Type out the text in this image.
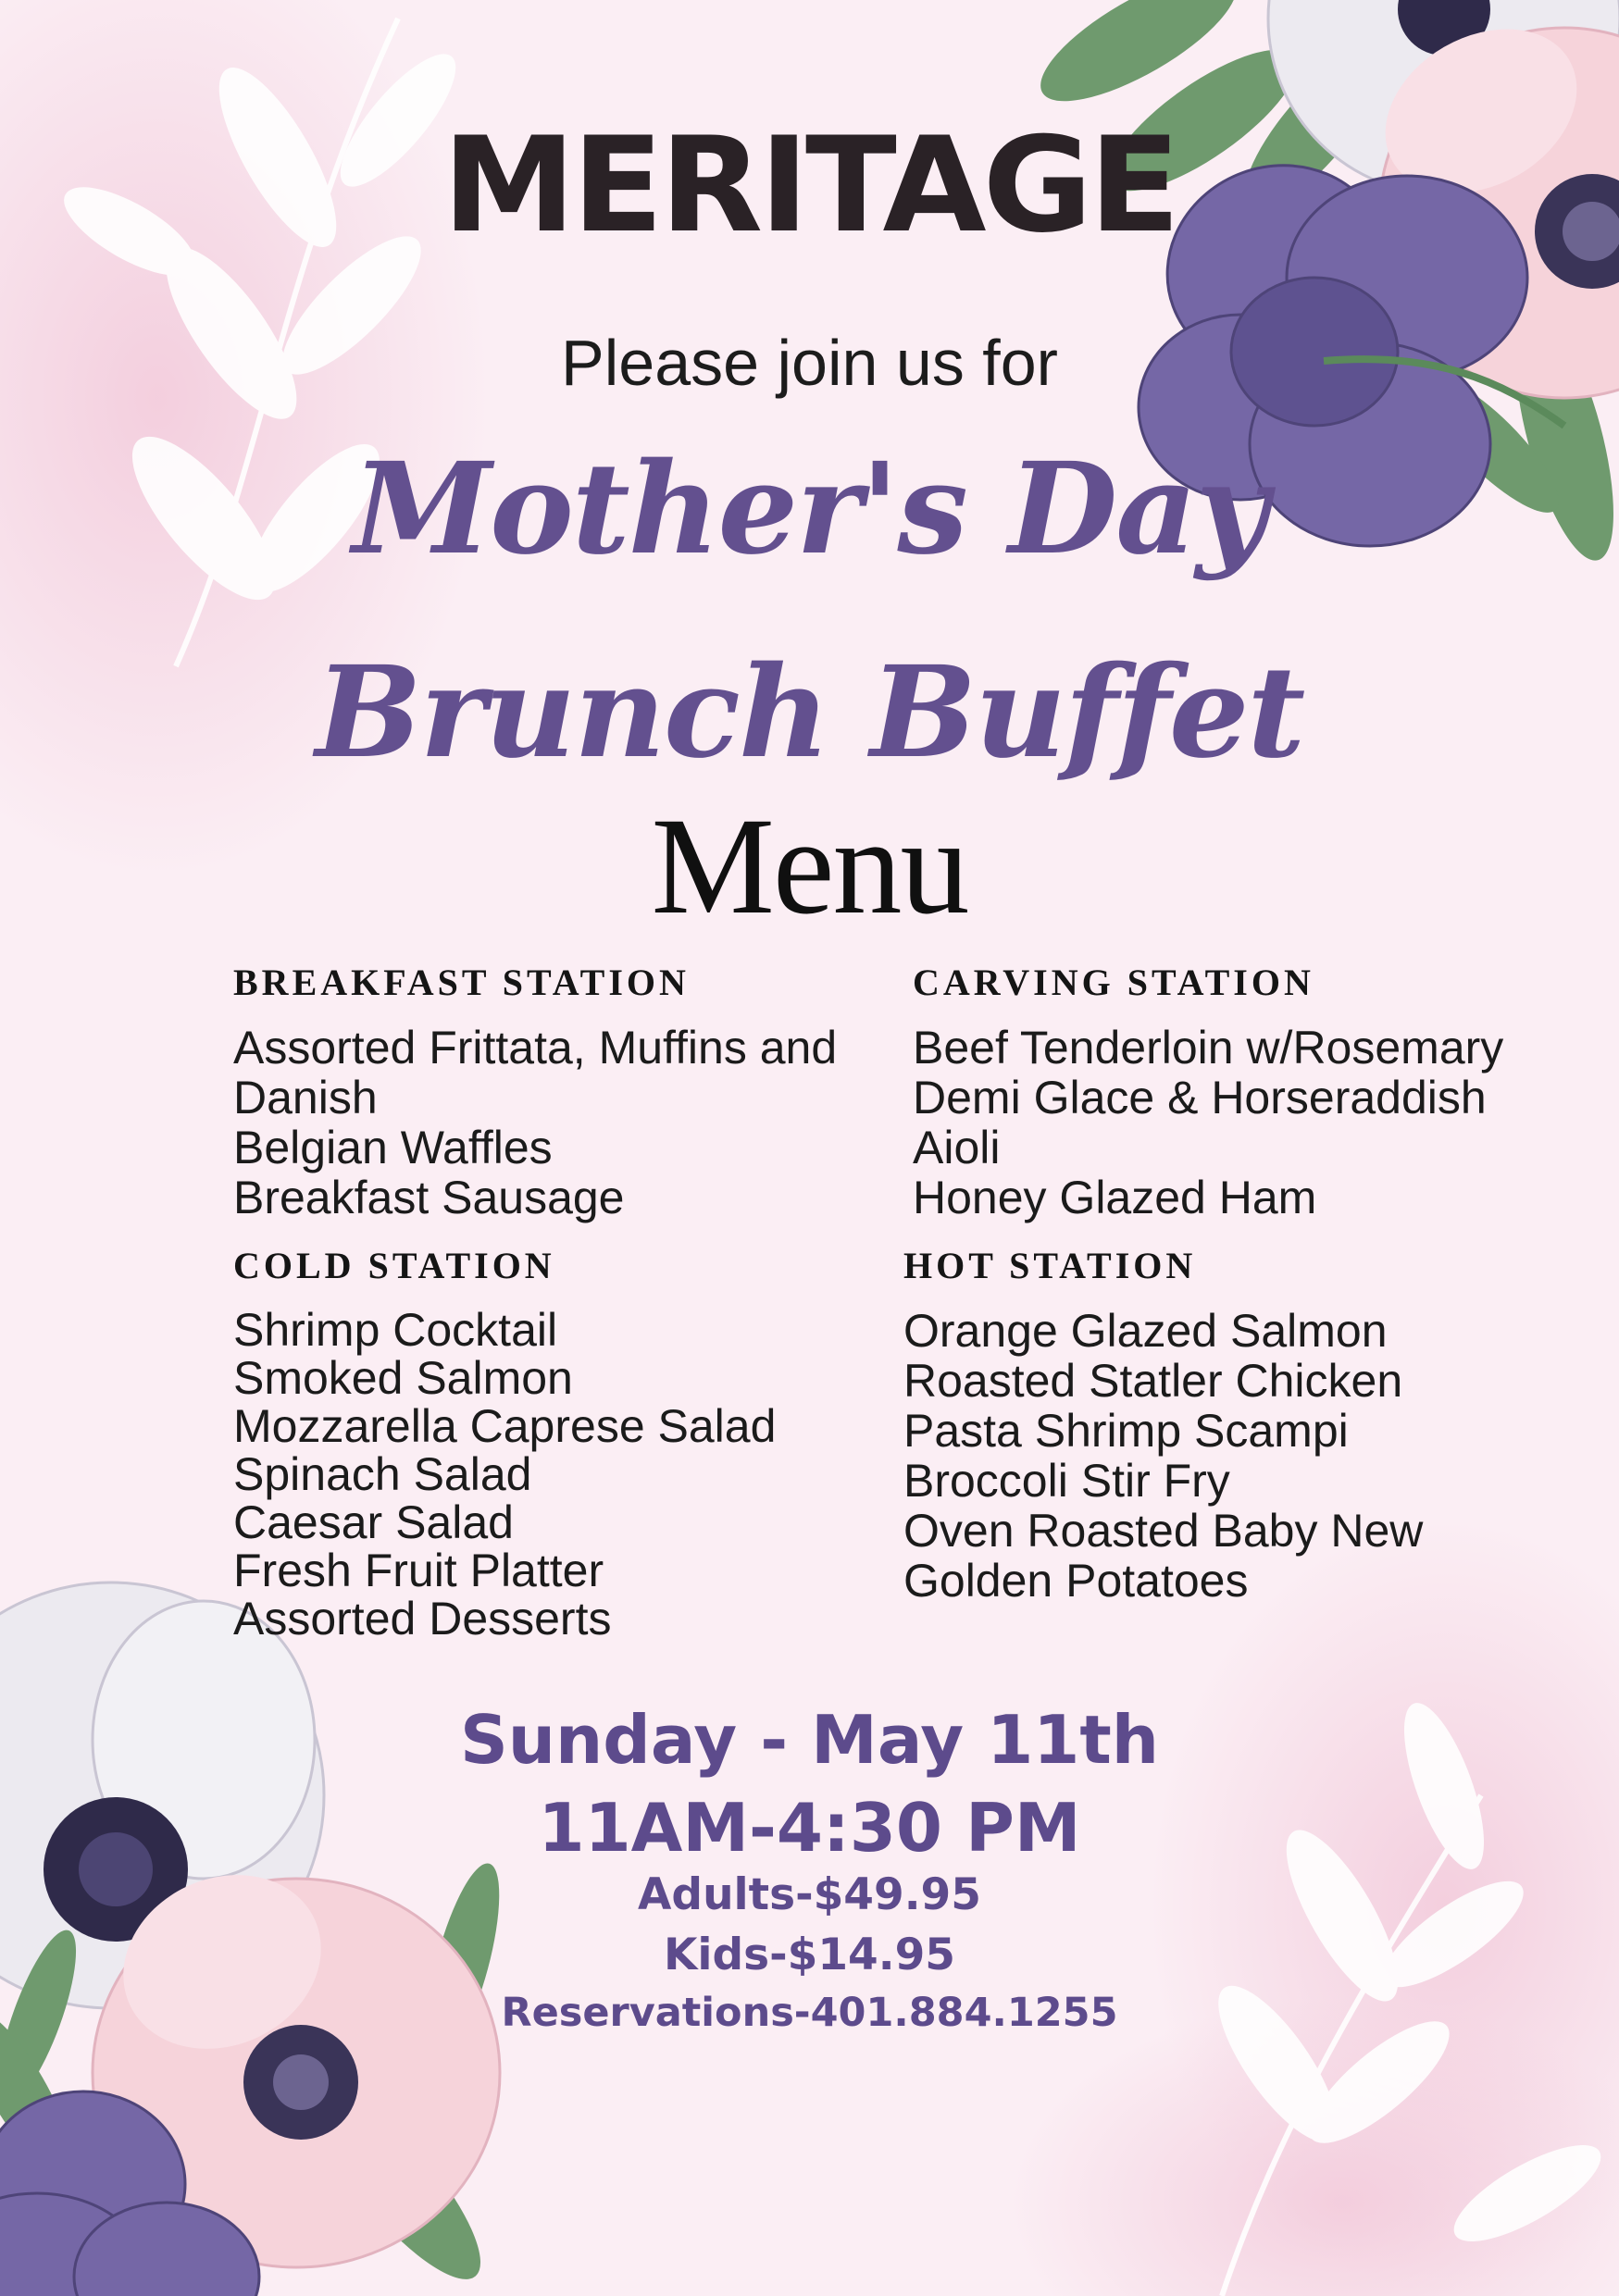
MERITAGE
Please join us for
Mother's Day
Brunch Buffet
Menu
BREAKFAST STATION
Assorted Frittata, Muffins and
Danish
Belgian Waffles
Breakfast Sausage
CARVING STATION
Beef Tenderloin w/Rosemary
Demi Glace & Horseraddish
Aioli
Honey Glazed Ham
COLD STATION
Shrimp Cocktail
Smoked Salmon
Mozzarella Caprese Salad
Spinach Salad
Caesar Salad
Fresh Fruit Platter
Assorted Desserts
HOT STATION
Orange Glazed Salmon
Roasted Statler Chicken
Pasta Shrimp Scampi
Broccoli Stir Fry
Oven Roasted Baby New
Golden Potatoes
Sunday - May 11th
11AM-4:30 PM
Adults-$49.95
Kids-$14.95
Reservations-401.884.1255
